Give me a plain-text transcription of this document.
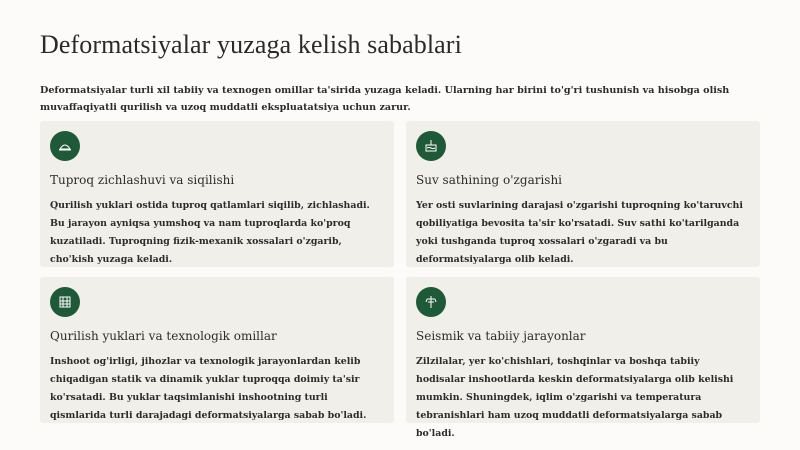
Deformatsiyalar yuzaga kelish sabablari

Deformatsiyalar turli xil tabiiy va texnogen omillar ta'sirida yuzaga keladi. Ularning har birini to'g'ri tushunish va hisobga olish muvaffaqiyatli qurilish va uzoq muddatli ekspluatatsiya uchun zarur.

Tuproq zichlashuvi va siqilishi

Qurilish yuklari ostida tuproq qatlamlari siqilib, zichlashadi. Bu jarayon ayniqsa yumshoq va nam tuproqlarda ko'proq kuzatiladi. Tuproqning fizik-mexanik xossalari o'zgarib, cho'kish yuzaga keladi.

Suv sathining o'zgarishi

Yer osti suvlarining darajasi o'zgarishi tuproqning ko'taruvchi qobiliyatiga bevosita ta'sir ko'rsatadi. Suv sathi ko'tarilganda yoki tushganda tuproq xossalari o'zgaradi va bu deformatsiyalarga olib keladi.

Qurilish yuklari va texnologik omillar

Inshoot og'irligi, jihozlar va texnologik jarayonlardan kelib chiqadigan statik va dinamik yuklar tuproqqa doimiy ta'sir ko'rsatadi. Bu yuklar taqsimlanishi inshootning turli qismlarida turli darajadagi deformatsiyalarga sabab bo'ladi.

Seismik va tabiiy jarayonlar

Zilzilalar, yer ko'chishlari, toshqinlar va boshqa tabiiy hodisalar inshootlarda keskin deformatsiyalarga olib kelishi mumkin. Shuningdek, iqlim o'zgarishi va temperatura tebranishlari ham uzoq muddatli deformatsiyalarga sabab bo'ladi.
